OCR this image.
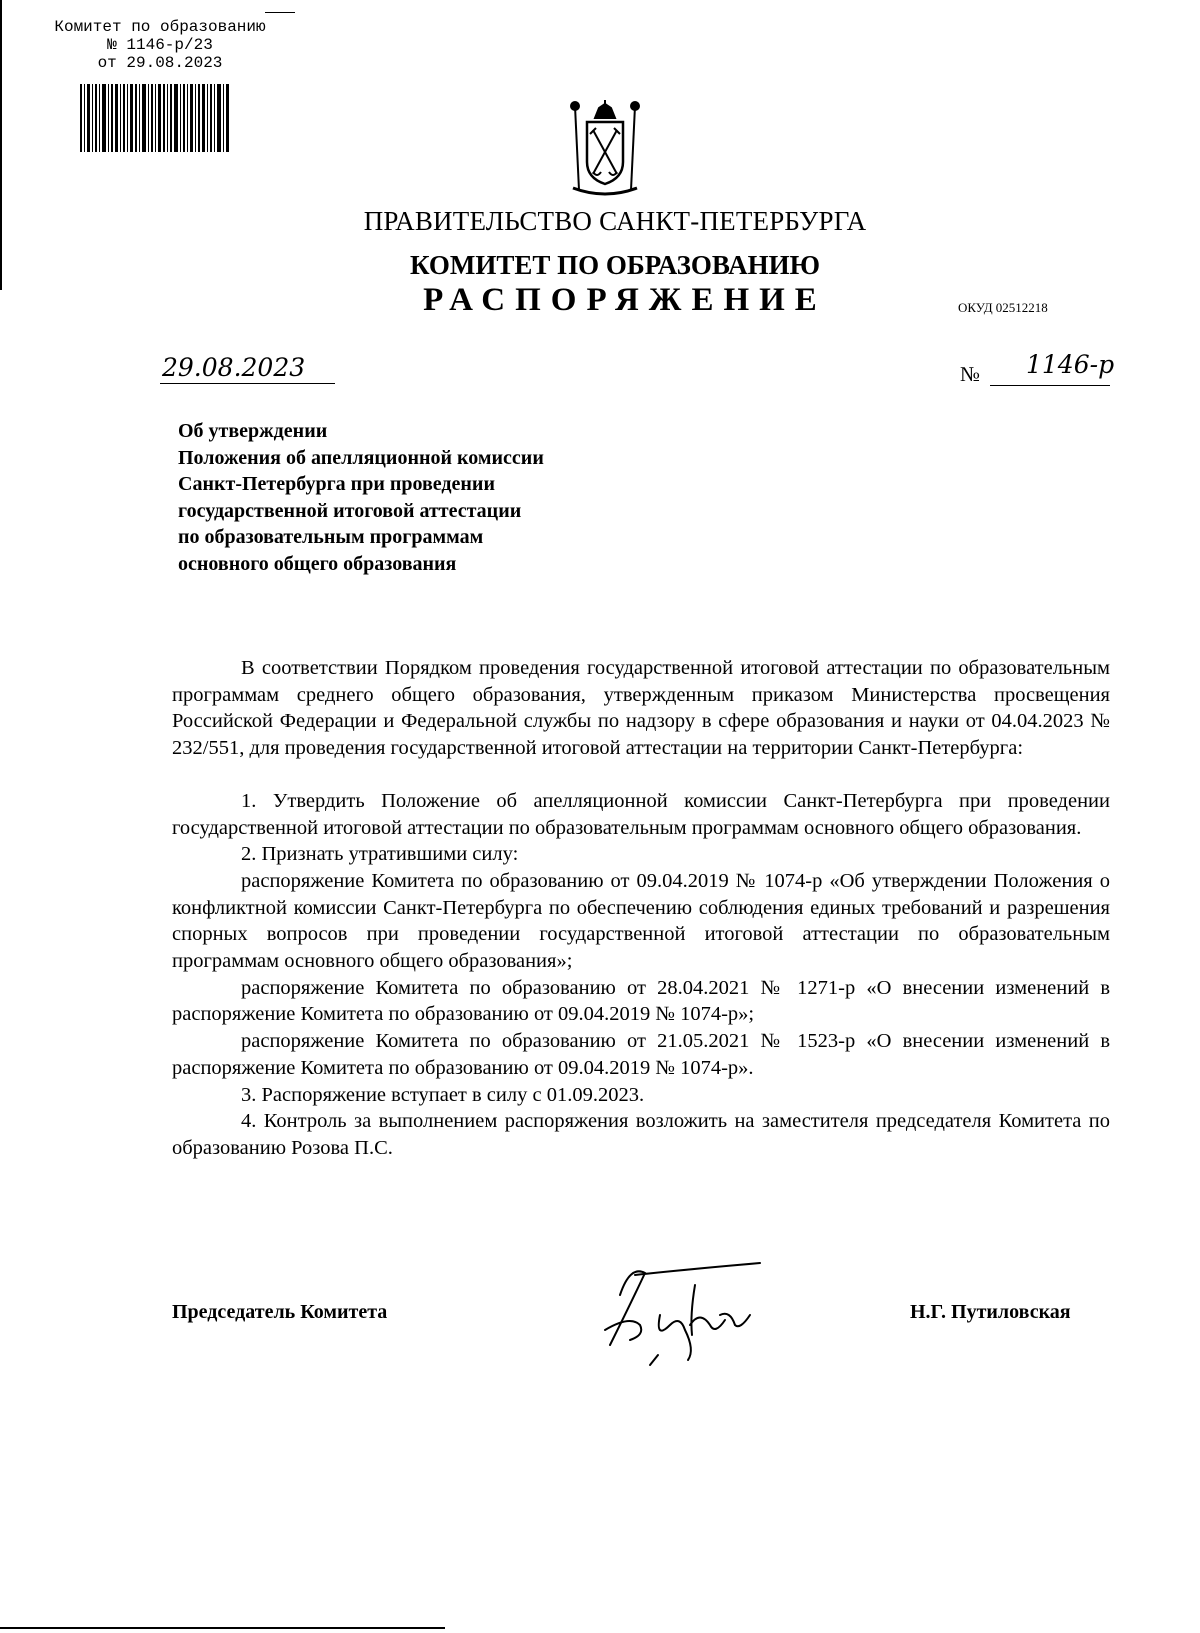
Комитет по образованию
№ 1146-р/23
от 29.08.2023
ПРАВИТЕЛЬСТВО САНКТ-ПЕТЕРБУРГА
КОМИТЕТ ПО ОБРАЗОВАНИЮ
РАСПОРЯЖЕНИЕ	ОКУД 02512218
29.08.2023	№ 1146-р
Об утверждении
Положения об апелляционной комиссии
Санкт-Петербурга при проведении
государственной итоговой аттестации
по образовательным программам
основного общего образования

В соответствии Порядком проведения государственной итоговой аттестации по образовательным программам среднего общего образования, утвержденным приказом Министерства просвещения Российской Федерации и Федеральной службы по надзору в сфере образования и науки от 04.04.2023 № 232/551, для проведения государственной итоговой аттестации на территории Санкт-Петербурга:

1. Утвердить Положение об апелляционной комиссии Санкт-Петербурга при проведении государственной итоговой аттестации по образовательным программам основного общего образования.

2. Признать утратившими силу:

распоряжение Комитета по образованию от 09.04.2019 № 1074-р «Об утверждении Положения о конфликтной комиссии Санкт-Петербурга по обеспечению соблюдения единых требований и разрешения спорных вопросов при проведении государственной итоговой аттестации по образовательным программам основного общего образования»;

распоряжение Комитета по образованию от 28.04.2021 № 1271-р «О внесении изменений в распоряжение Комитета по образованию от 09.04.2019 № 1074-р»;

распоряжение Комитета по образованию от 21.05.2021 № 1523-р «О внесении изменений в распоряжение Комитета по образованию от 09.04.2019 № 1074-р».

3. Распоряжение вступает в силу с 01.09.2023.

4. Контроль за выполнением распоряжения возложить на заместителя председателя Комитета по образованию Розова П.С.

Председатель Комитета	Н.Г. Путиловская
